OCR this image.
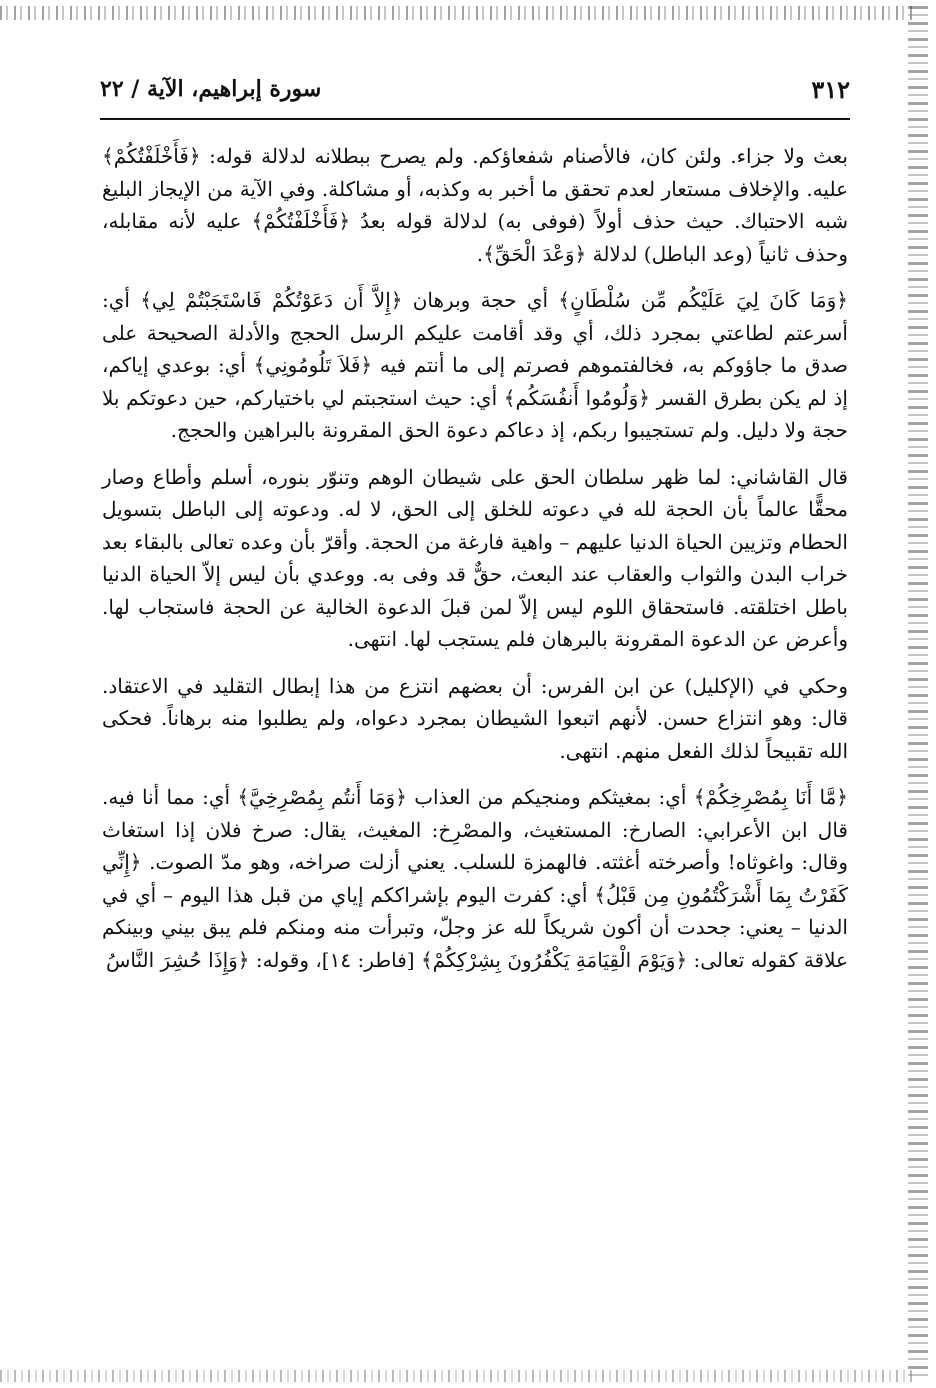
٣١٢
سورة إبراهيم، الآية / ٢٢

بعث ولا جزاء. ولئن كان، فالأصنام شفعاؤكم. ولم يصرح ببطلانه لدلالة قوله: ﴿فَأَخْلَفْتُكُمْ﴾ عليه. والإخلاف مستعار لعدم تحقق ما أخبر به وكذبه، أو مشاكلة. وفي الآية من الإيجاز البليغ شبه الاحتباك. حيث حذف أولاً (فوفى به) لدلالة قوله بعدُ ﴿فَأَخْلَفْتُكُمْ﴾ عليه لأنه مقابله، وحذف ثانياً (وعد الباطل) لدلالة ﴿وَعْدَ الْحَقِّ﴾.

﴿وَمَا كَانَ لِيَ عَلَيْكُم مِّن سُلْطَانٍ﴾ أي حجة وبرهان ﴿إِلاَّ أَن دَعَوْتُكُمْ فَاسْتَجَبْتُمْ لِي﴾ أي: أسرعتم لطاعتي بمجرد ذلك، أي وقد أقامت عليكم الرسل الحجج والأدلة الصحيحة على صدق ما جاؤوكم به، فخالفتموهم فصرتم إلى ما أنتم فيه ﴿فَلاَ تَلُومُونِي﴾ أي: بوعدي إياكم، إذ لم يكن بطرق القسر ﴿وَلُومُوا أَنفُسَكُم﴾ أي: حيث استجبتم لي باختياركم، حين دعوتكم بلا حجة ولا دليل. ولم تستجيبوا ربكم، إذ دعاكم دعوة الحق المقرونة بالبراهين والحجج.

قال القاشاني: لما ظهر سلطان الحق على شيطان الوهم وتنوّر بنوره، أسلم وأطاع وصار محقًّا عالماً بأن الحجة لله في دعوته للخلق إلى الحق، لا له. ودعوته إلى الباطل بتسويل الحطام وتزيين الحياة الدنيا عليهم – واهية فارغة من الحجة. وأقرّ بأن وعده تعالى بالبقاء بعد خراب البدن والثواب والعقاب عند البعث، حقٌّ قد وفى به. ووعدي بأن ليس إلاّ الحياة الدنيا باطل اختلقته. فاستحقاق اللوم ليس إلاّ لمن قبلَ الدعوة الخالية عن الحجة فاستجاب لها. وأعرض عن الدعوة المقرونة بالبرهان فلم يستجب لها. انتهى.

وحكي في (الإكليل) عن ابن الفرس: أن بعضهم انتزع من هذا إبطال التقليد في الاعتقاد. قال: وهو انتزاع حسن. لأنهم اتبعوا الشيطان بمجرد دعواه، ولم يطلبوا منه برهاناً. فحكى الله تقبيحاً لذلك الفعل منهم. انتهى.

﴿مَّا أَنَا بِمُصْرِخِكُمْ﴾ أي: بمغيثكم ومنجيكم من العذاب ﴿وَمَا أَنتُم بِمُصْرِخِيَّ﴾ أي: مما أنا فيه. قال ابن الأعرابي: الصارخ: المستغيث، والمصْرِخ: المغيث، يقال: صرخ فلان إذا استغاث وقال: واغوثاه! وأصرخته أغثته. فالهمزة للسلب. يعني أزلت صراخه، وهو مدّ الصوت. ﴿إِنِّي كَفَرْتُ بِمَا أَشْرَكْتُمُونِ مِن قَبْلُ﴾ أي: كفرت اليوم بإشراككم إياي من قبل هذا اليوم – أي في الدنيا – يعني: جحدت أن أكون شريكاً لله عز وجلّ، وتبرأت منه ومنكم فلم يبق بيني وبينكم علاقة كقوله تعالى: ﴿وَيَوْمَ الْقِيَامَةِ يَكْفُرُونَ بِشِرْكِكُمْ﴾ [فاطر: ١٤]، وقوله: ﴿وَإِذَا حُشِرَ النَّاسُ
